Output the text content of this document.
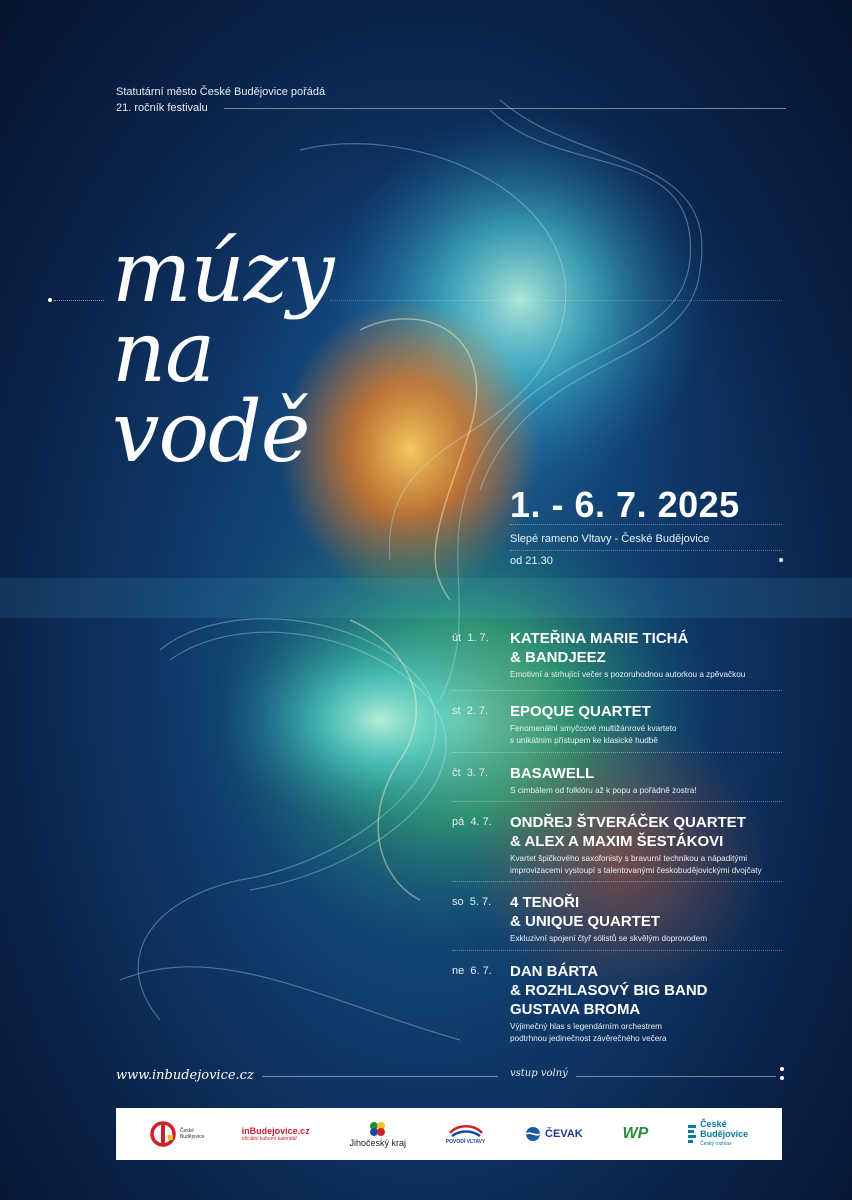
Statutární město České Budějovice pořádá
21. ročník festivalu
múzy
na
vodě
1. - 6. 7. 2025
Slepé rameno Vltavy - České Budějovice
od 21.30
út 1. 7.	KATEŘINA MARIE TICHÁ
& BANDJEEZ
Emotivní a strhující večer s pozoruhodnou autorkou a zpěvačkou
st 2. 7.	EPOQUE QUARTET
Fenomenální smyčcové multižánrové kvarteto
s unikátním přístupem ke klasické hudbě
čt 3. 7.	BASAWELL
S cimbálem od folklóru až k popu a pořádně zostra!
pá 4. 7.	ONDŘEJ ŠTVERÁČEK QUARTET
& ALEX A MAXIM ŠESTÁKOVI
Kvartet špičkového saxofonisty s bravurní technikou a nápaditými
improvizacemi vystoupí s talentovanými českobudějovickými dvojčaty
so 5. 7.	4 TENOŘI
& UNIQUE QUARTET
Exkluzivní spojení čtyř sólistů se skvělým doprovodem
ne 6. 7.	DAN BÁRTA
& ROZHLASOVÝ BIG BAND
GUSTAVA BROMA
Výjimečný hlas s legendárním orchestrem
podtrhnou jedinečnost závěrečného večera
www.inbudejovice.cz	vstup volný
České Budějovice
inBudejovice.cz
oficiální kulturní kalendář	Jihočeský kraj	POVODÍ VLTAVY
ČEVAK WP
České
Budějovice
Český rozhlas
